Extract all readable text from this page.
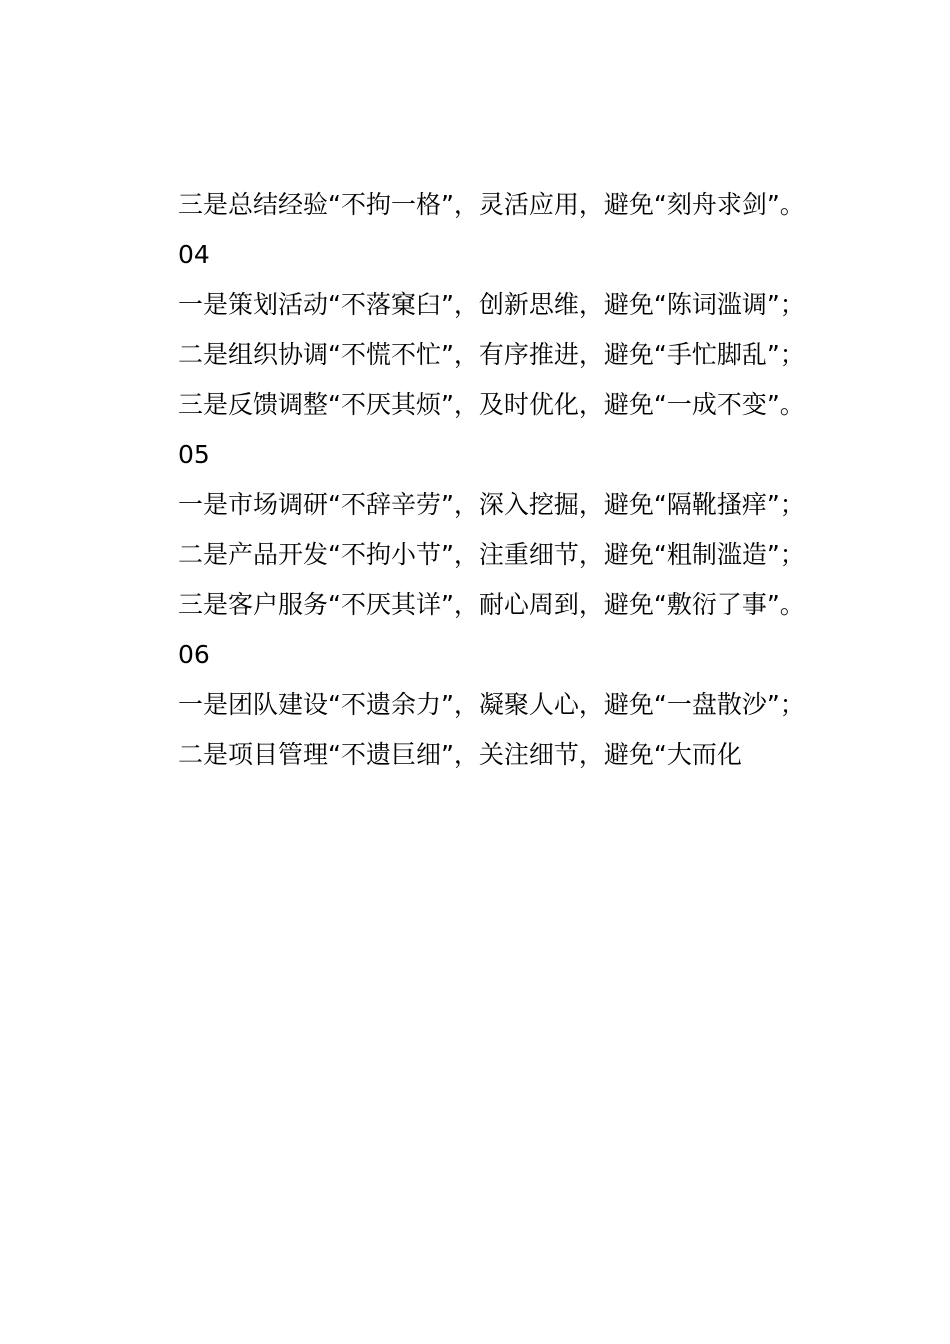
三是总结经验“不拘一格”，灵活应用，避免“刻舟求剑”。

04

一是策划活动“不落窠臼”，创新思维，避免“陈词滥调”；

二是组织协调“不慌不忙”，有序推进，避免“手忙脚乱”；

三是反馈调整“不厌其烦”，及时优化，避免“一成不变”。

05

一是市场调研“不辞辛劳”，深入挖掘，避免“隔靴搔痒”；

二是产品开发“不拘小节”，注重细节，避免“粗制滥造”；

三是客户服务“不厌其详”，耐心周到，避免“敷衍了事”。

06

一是团队建设“不遗余力”，凝聚人心，避免“一盘散沙”；

二是项目管理“不遗巨细”，关注细节，避免“大而化
